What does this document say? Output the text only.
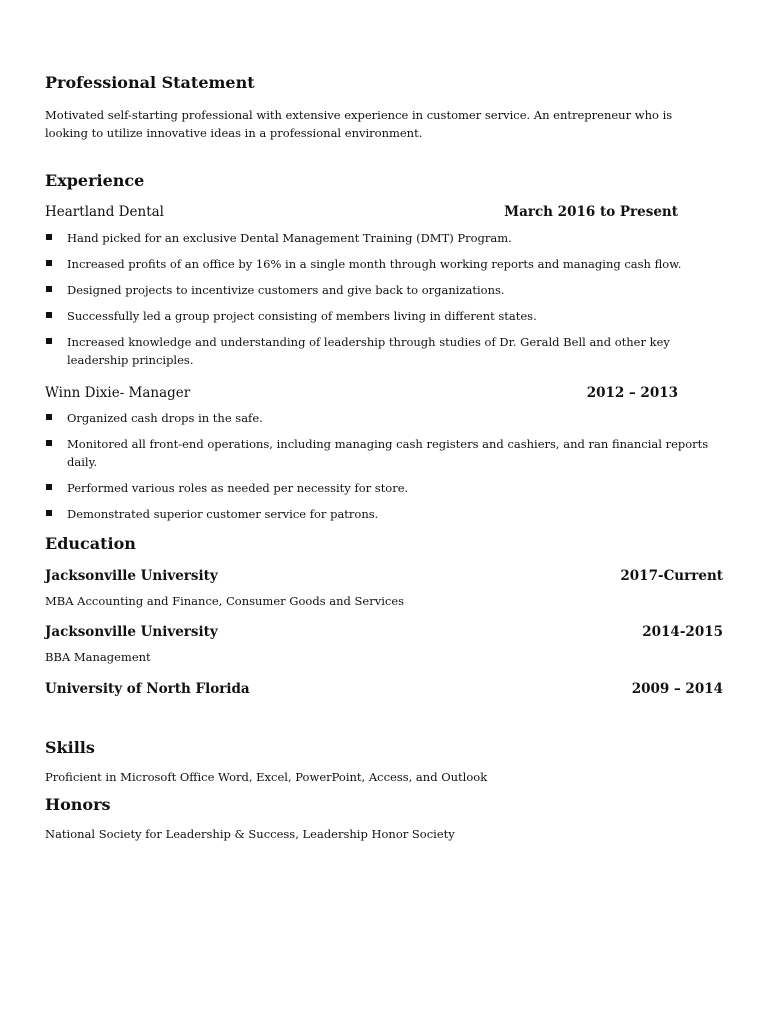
Professional Statement

Motivated self-starting professional with extensive experience in customer service. An entrepreneur who is looking to utilize innovative ideas in a professional environment.

Experience
Heartland Dental	March 2016 to Present
Hand picked for an exclusive Dental Management Training (DMT) Program.
Increased profits of an office by 16% in a single month through working reports and managing cash flow.
Designed projects to incentivize customers and give back to organizations.
Successfully led a group project consisting of members living in different states.
Increased knowledge and understanding of leadership through studies of Dr. Gerald Bell and other key leadership principles.
Winn Dixie- Manager	2012 – 2013
Organized cash drops in the safe.
Monitored all front-end operations, including managing cash registers and cashiers, and ran financial reports daily.
Performed various roles as needed per necessity for store.
Demonstrated superior customer service for patrons.
Education
Jacksonville University	2017-Current
MBA Accounting and Finance, Consumer Goods and Services
Jacksonville University	2014-2015
BBA Management
University of North Florida	2009 – 2014
Skills
Proficient in Microsoft Office Word, Excel, PowerPoint, Access, and Outlook
Honors
National Society for Leadership & Success, Leadership Honor Society
